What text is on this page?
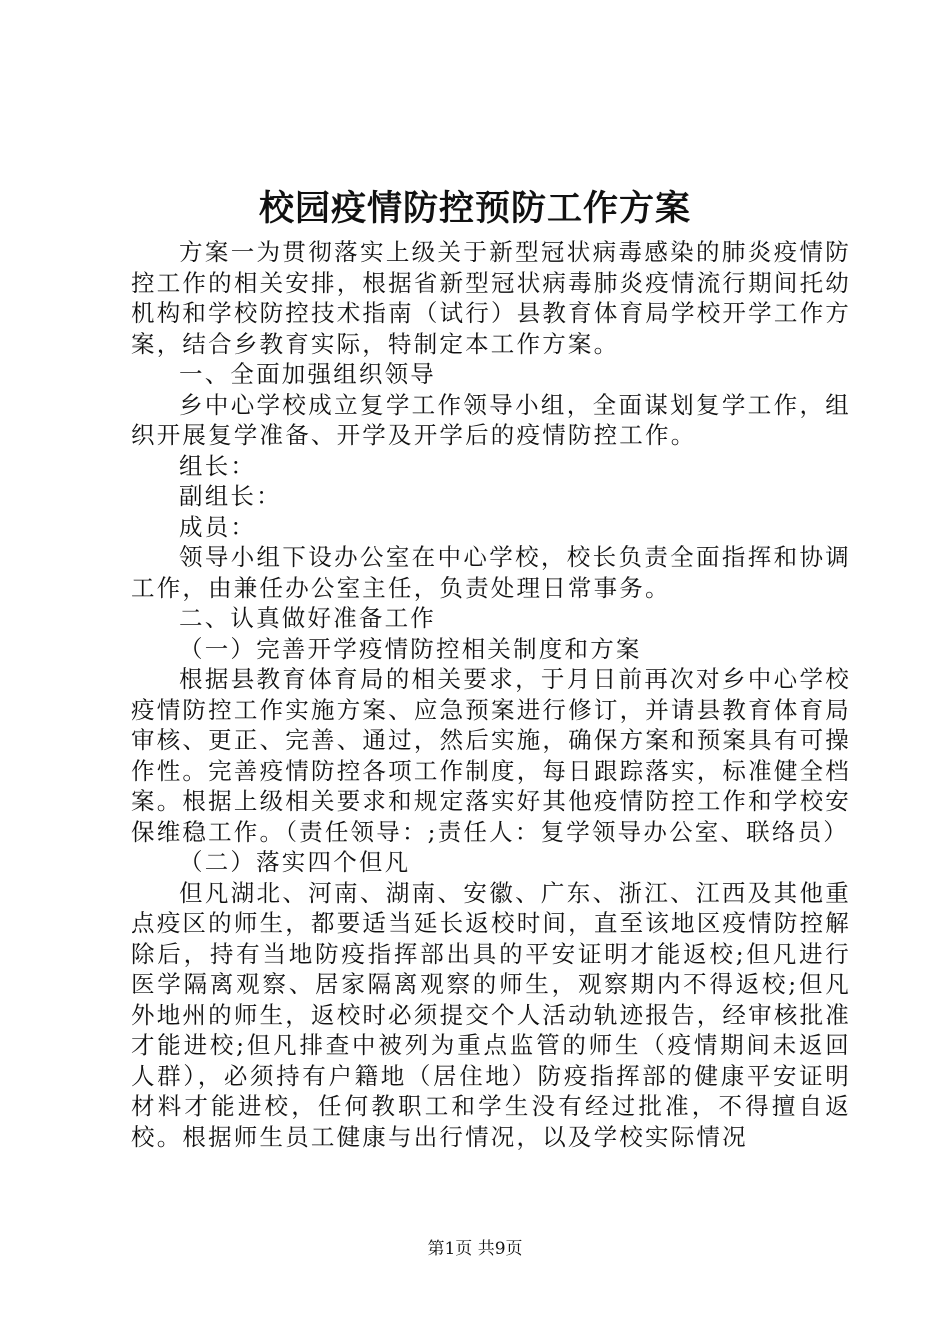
校园疫情防控预防工作方案

方案一为贯彻落实上级关于新型冠状病毒感染的肺炎疫情防控工作的相关安排，根据省新型冠状病毒肺炎疫情流行期间托幼机构和学校防控技术指南（试行）县教育体育局学校开学工作方案，结合乡教育实际，特制定本工作方案。

一、全面加强组织领导

乡中心学校成立复学工作领导小组，全面谋划复学工作，组织开展复学准备、开学及开学后的疫情防控工作。

组长：

副组长：

成员：

领导小组下设办公室在中心学校，校长负责全面指挥和协调工作，由兼任办公室主任，负责处理日常事务。

二、认真做好准备工作

（一）完善开学疫情防控相关制度和方案

根据县教育体育局的相关要求，于月日前再次对乡中心学校疫情防控工作实施方案、应急预案进行修订，并请县教育体育局审核、更正、完善、通过，然后实施，确保方案和预案具有可操作性。完善疫情防控各项工作制度，每日跟踪落实，标准健全档案。根据上级相关要求和规定落实好其他疫情防控工作和学校安保维稳工作。（责任领导：;责任人：复学领导办公室、联络员）

（二）落实四个但凡

但凡湖北、河南、湖南、安徽、广东、浙江、江西及其他重点疫区的师生，都要适当延长返校时间，直至该地区疫情防控解除后，持有当地防疫指挥部出具的平安证明才能返校;但凡进行医学隔离观察、居家隔离观察的师生，观察期内不得返校;但凡外地州的师生，返校时必须提交个人活动轨迹报告，经审核批准才能进校;但凡排查中被列为重点监管的师生（疫情期间未返回人群），必须持有户籍地（居住地）防疫指挥部的健康平安证明材料才能进校，任何教职工和学生没有经过批准，不得擅自返校。根据师生员工健康与出行情况，以及学校实际情况

第1页 共9页
